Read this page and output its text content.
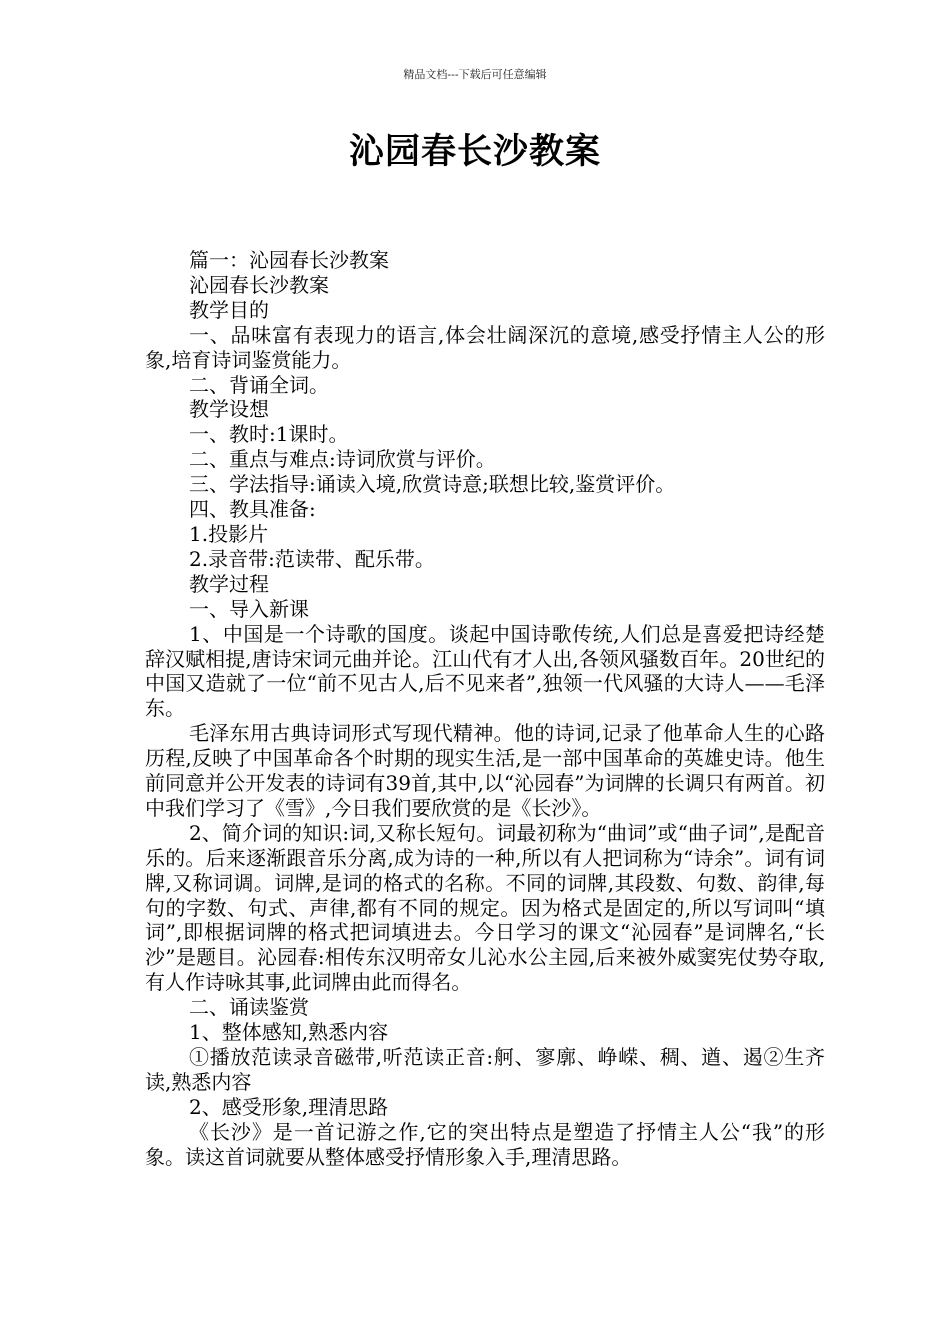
精品文档---下载后可任意编辑
沁园春长沙教案

篇一：沁园春长沙教案

沁园春长沙教案

教学目的

一、品味富有表现力的语言,体会壮阔深沉的意境,感受抒情主人公的形象,培育诗词鉴赏能力。

二、背诵全词。

教学设想

一、教时:1课时。

二、重点与难点:诗词欣赏与评价。

三、学法指导:诵读入境,欣赏诗意;联想比较,鉴赏评价。

四、教具准备:

1.投影片

2.录音带:范读带、配乐带。

教学过程

一、导入新课

1、中国是一个诗歌的国度。谈起中国诗歌传统,人们总是喜爱把诗经楚辞汉赋相提,唐诗宋词元曲并论。江山代有才人出,各领风骚数百年。20世纪的中国又造就了一位“前不见古人,后不见来者”,独领一代风骚的大诗人——毛泽东。

毛泽东用古典诗词形式写现代精神。他的诗词,记录了他革命人生的心路历程,反映了中国革命各个时期的现实生活,是一部中国革命的英雄史诗。他生前同意并公开发表的诗词有39首,其中,以“沁园春”为词牌的长调只有两首。初中我们学习了《雪》,今日我们要欣赏的是《长沙》。

2、简介词的知识:词,又称长短句。词最初称为“曲词”或“曲子词”,是配音乐的。后来逐渐跟音乐分离,成为诗的一种,所以有人把词称为“诗余”。词有词牌,又称词调。词牌,是词的格式的名称。不同的词牌,其段数、句数、韵律,每句的字数、句式、声律,都有不同的规定。因为格式是固定的,所以写词叫“填词”,即根据词牌的格式把词填进去。今日学习的课文“沁园春”是词牌名,“长沙”是题目。沁园春:相传东汉明帝女儿沁水公主园,后来被外威窦宪仗势夺取,有人作诗咏其事,此词牌由此而得名。

二、诵读鉴赏

1、整体感知,熟悉内容

①播放范读录音磁带,听范读正音:舸、寥廓、峥嵘、稠、遒、遏②生齐读,熟悉内容

2、感受形象,理清思路

《长沙》是一首记游之作,它的突出特点是塑造了抒情主人公“我”的形象。读这首词就要从整体感受抒情形象入手,理清思路。
